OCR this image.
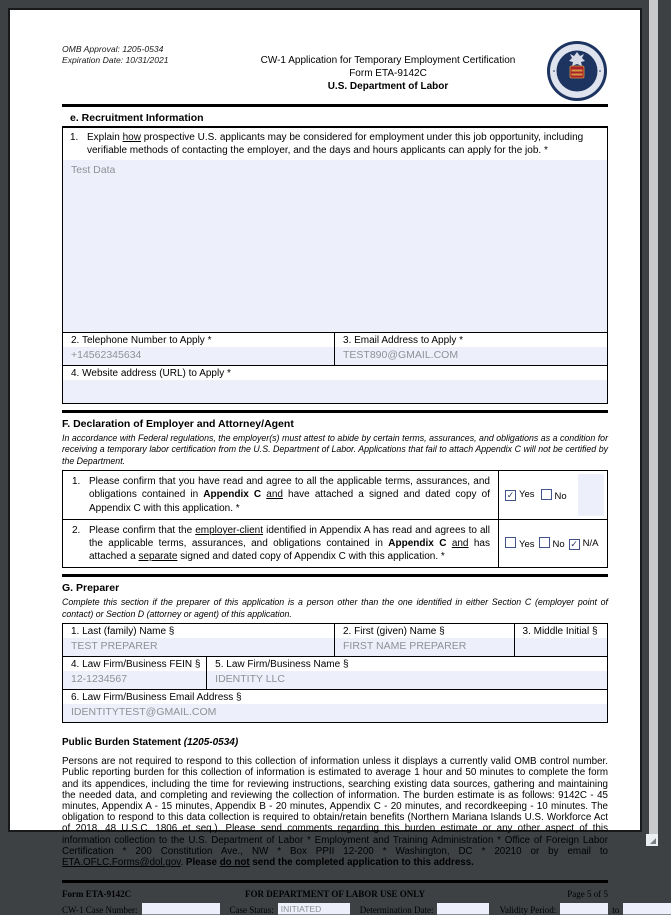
OMB Approval: 1205-0534
Expiration Date: 10/31/2021	CW-1 Application for Temporary Employment Certification
Form ETA-9142C
U.S. Department of Labor
e. Recruitment Information
1. Explain how prospective U.S. applicants may be considered for employment under this job opportunity, including verifiable methods of contacting the employer, and the days and hours applicants can apply for the job. *
Test Data
2. Telephone Number to Apply *
+14562345634
3. Email Address to Apply *
TEST890@GMAIL.COM
4. Website address (URL) to Apply *
F. Declaration of Employer and Attorney/Agent
In accordance with Federal regulations, the employer(s) must attest to abide by certain terms, assurances, and obligations as a condition for receiving a temporary labor certification from the U.S. Department of Labor. Applications that fail to attach Appendix C will not be certified by the Department.
1. Please confirm that you have read and agree to all the applicable terms, assurances, and obligations contained in Appendix C and have attached a signed and dated copy of Appendix C with this application. *
✓ Yes	No
2. Please confirm that the employer-client identified in Appendix A has read and agrees to all the applicable terms, assurances, and obligations contained in Appendix C and has attached a separate signed and dated copy of Appendix C with this application. *
Yes	No ✓ N/A
G. Preparer
Complete this section if the preparer of this application is a person other than the one identified in either Section C (employer point of contact) or Section D (attorney or agent) of this application.
1. Last (family) Name §
TEST PREPARER
2. First (given) Name §
FIRST NAME PREPARER
3. Middle Initial §
4. Law Firm/Business FEIN §
12-1234567
5. Law Firm/Business Name §
IDENTITY LLC
6. Law Firm/Business Email Address §
IDENTITYTEST@GMAIL.COM
Public Burden Statement (1205-0534)
Persons are not required to respond to this collection of information unless it displays a currently valid OMB control number. Public reporting burden for this collection of information is estimated to average 1 hour and 50 minutes to complete the form and its appendices, including the time for reviewing instructions, searching existing data sources, gathering and maintaining the needed data, and completing and reviewing the collection of information. The burden estimate is as follows: 9142C - 45 minutes, Appendix A - 15 minutes, Appendix B - 20 minutes, Appendix C - 20 minutes, and recordkeeping - 10 minutes. The obligation to respond to this data collection is required to obtain/retain benefits (Northern Mariana Islands U.S. Workforce Act of 2018, 48 U.S.C. 1806 et seq.). Please send comments regarding this burden estimate or any other aspect of this information collection to the U.S. Department of Labor * Employment and Training Administration * Office of Foreign Labor Certification * 200 Constitution Ave., NW * Box PPII 12-200 * Washington, DC * 20210 or by email to ETA.OFLC.Forms@dol.gov. Please do not send the completed application to this address.
Form ETA-9142C	FOR DEPARTMENT OF LABOR USE ONLY	Page 5 of 5
CW-1 Case Number:	Case Status: INITIATED	Determination Date:	Validity Period:	to
